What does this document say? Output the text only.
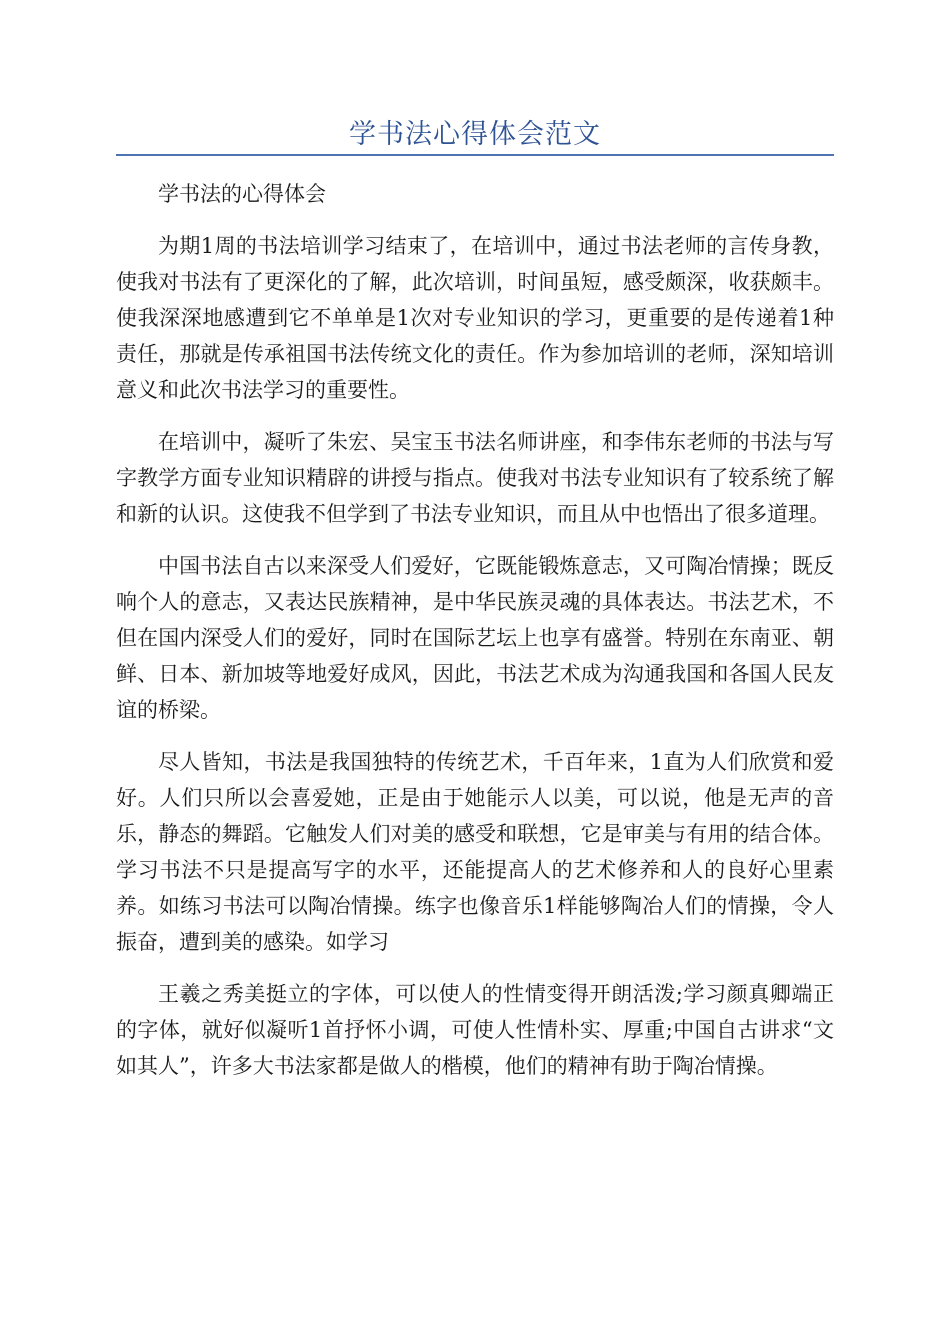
学书法心得体会范文

学书法的心得体会

为期1周的书法培训学习结束了，在培训中，通过书法老师的言传身教，使我对书法有了更深化的了解，此次培训，时间虽短，感受颇深，收获颇丰。使我深深地感遭到它不单单是1次对专业知识的学习，更重要的是传递着1种责任，那就是传承祖国书法传统文化的责任。作为参加培训的老师，深知培训意义和此次书法学习的重要性。

在培训中，凝听了朱宏、吴宝玉书法名师讲座，和李伟东老师的书法与写字教学方面专业知识精辟的讲授与指点。使我对书法专业知识有了较系统了解和新的认识。这使我不但学到了书法专业知识，而且从中也悟出了很多道理。

中国书法自古以来深受人们爱好，它既能锻炼意志，又可陶冶情操；既反响个人的意志，又表达民族精神，是中华民族灵魂的具体表达。书法艺术，不但在国内深受人们的爱好，同时在国际艺坛上也享有盛誉。特别在东南亚、朝鲜、日本、新加坡等地爱好成风，因此，书法艺术成为沟通我国和各国人民友谊的桥梁。

尽人皆知，书法是我国独特的传统艺术，千百年来，1直为人们欣赏和爱好。人们只所以会喜爱她，正是由于她能示人以美，可以说，他是无声的音乐，静态的舞蹈。它触发人们对美的感受和联想，它是审美与有用的结合体。学习书法不只是提高写字的水平，还能提高人的艺术修养和人的良好心里素养。如练习书法可以陶冶情操。练字也像音乐1样能够陶冶人们的情操，令人振奋，遭到美的感染。如学习

王羲之秀美挺立的字体，可以使人的性情变得开朗活泼;学习颜真卿端正的字体，就好似凝听1首抒怀小调，可使人性情朴实、厚重;中国自古讲求“文如其人”，许多大书法家都是做人的楷模，他们的精神有助于陶冶情操。
